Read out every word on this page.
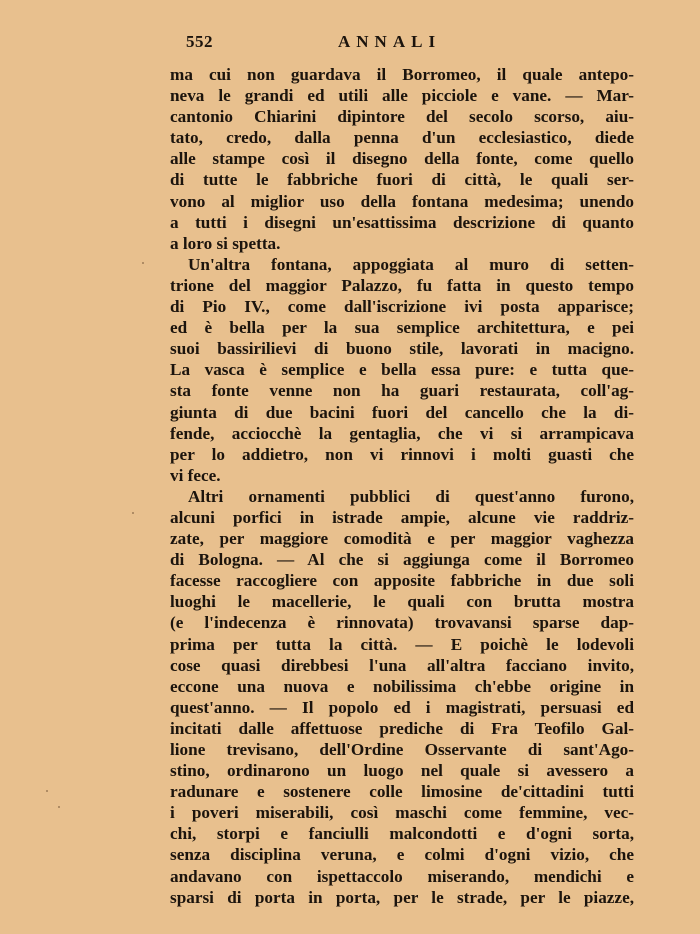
552	ANNALI
ma cui non guardava il Borromeo, il quale antepo-
neva le grandi ed utili alle picciole e vane. — Mar-
cantonio Chiarini dipintore del secolo scorso, aiu-
tato, credo, dalla penna d'un ecclesiastico, diede
alle stampe così il disegno della fonte, come quello
di tutte le fabbriche fuori di città, le quali ser-
vono al miglior uso della fontana medesima; unendo
a tutti i disegni un'esattissima descrizione di quanto
a loro si spetta.
Un'altra fontana, appoggiata al muro di setten-
trione del maggior Palazzo, fu fatta in questo tempo
di Pio IV., come dall'iscrizione ivi posta apparisce;
ed è bella per la sua semplice architettura, e pei
suoi bassirilievi di buono stile, lavorati in macigno.
La vasca è semplice e bella essa pure: e tutta que-
sta fonte venne non ha guari restaurata, coll'ag-
giunta di due bacini fuori del cancello che la di-
fende, acciocchè la gentaglia, che vi si arrampicava
per lo addietro, non vi rinnovi i molti guasti che
vi fece.
Altri ornamenti pubblici di quest'anno furono,
alcuni porfici in istrade ampie, alcune vie raddriz-
zate, per maggiore comodità e per maggior vaghezza
di Bologna. — Al che si aggiunga come il Borromeo
facesse raccogliere con apposite fabbriche in due soli
luoghi le macellerie, le quali con brutta mostra
(e l'indecenza è rinnovata) trovavansi sparse dap-
prima per tutta la città. — E poichè le lodevoli
cose quasi direbbesi l'una all'altra facciano invito,
eccone una nuova e nobilissima ch'ebbe origine in
quest'anno. — Il popolo ed i magistrati, persuasi ed
incitati dalle affettuose prediche di Fra Teofilo Gal-
lione trevisano, dell'Ordine Osservante di sant'Ago-
stino, ordinarono un luogo nel quale si avessero a
radunare e sostenere colle limosine de'cittadini tutti
i poveri miserabili, così maschi come femmine, vec-
chi, storpi e fanciulli malcondotti e d'ogni sorta,
senza disciplina veruna, e colmi d'ogni vizio, che
andavano con ispettaccolo miserando, mendichi e
sparsi di porta in porta, per le strade, per le piazze,
